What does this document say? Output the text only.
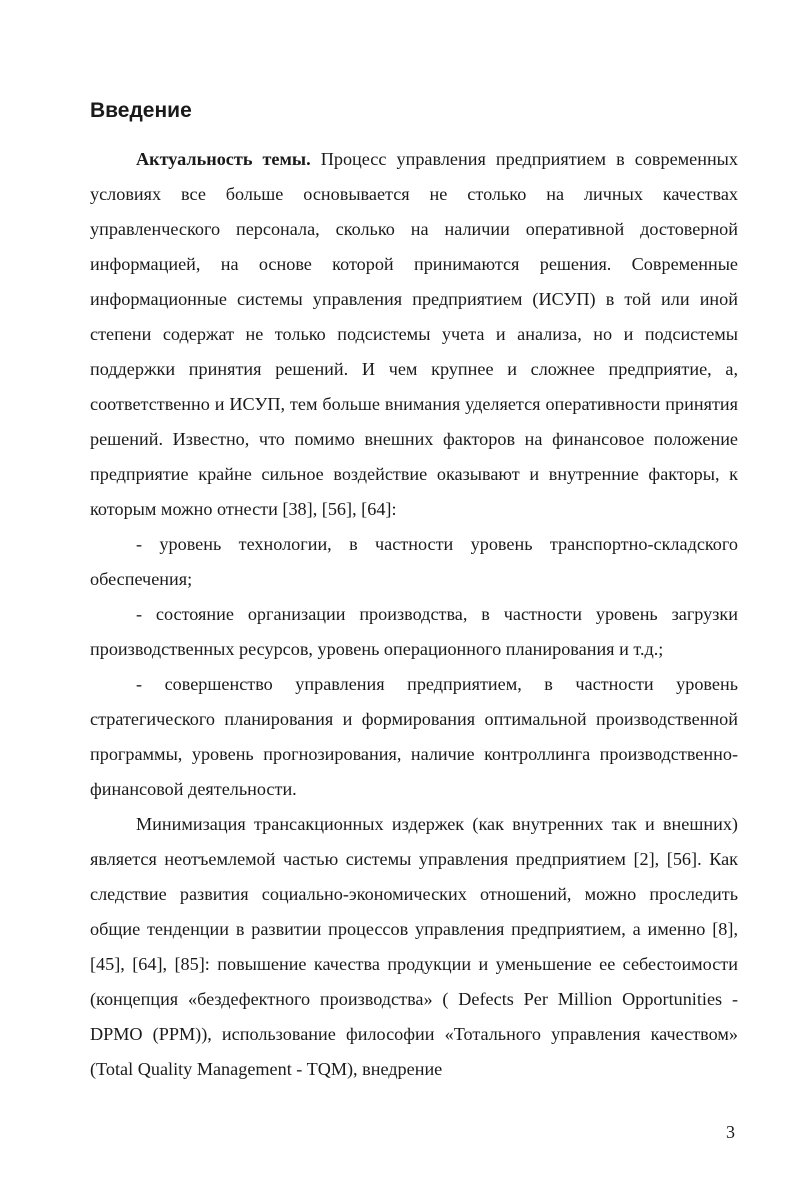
Введение

Актуальность темы. Процесс управления предприятием в современных условиях все больше основывается не столько на личных качествах управленческого персонала, сколько на наличии оперативной достоверной информацией, на основе которой принимаются решения. Современные информационные системы управления предприятием (ИСУП) в той или иной степени содержат не только подсистемы учета и анализа, но и подсистемы поддержки принятия решений. И чем крупнее и сложнее предприятие, а, соответственно и ИСУП, тем больше внимания уделяется оперативности принятия решений. Известно, что помимо внешних факторов на финансовое положение предприятие крайне сильное воздействие оказывают и внутренние факторы, к которым можно отнести [38], [56], [64]:

- уровень технологии, в частности уровень транспортно-складского обеспечения;

- состояние организации производства, в частности уровень загрузки производственных ресурсов, уровень операционного планирования и т.д.;

- совершенство управления предприятием, в частности уровень стратегического планирования и формирования оптимальной производственной программы, уровень прогнозирования, наличие контроллинга производственно-финансовой деятельности.

Минимизация трансакционных издержек (как внутренних так и внешних) является неотъемлемой частью системы управления предприятием [2], [56]. Как следствие развития социально-экономических отношений, можно проследить общие тенденции в развитии процессов управления предприятием, а именно [8], [45], [64], [85]: повышение качества продукции и уменьшение ее себестоимости (концепция «бездефектного производства» ( Defects Per Million Opportunities -DPMO (PPM)), использование философии «Тотального управления качеством» (Total Quality Management - TQM), внедрение

3
